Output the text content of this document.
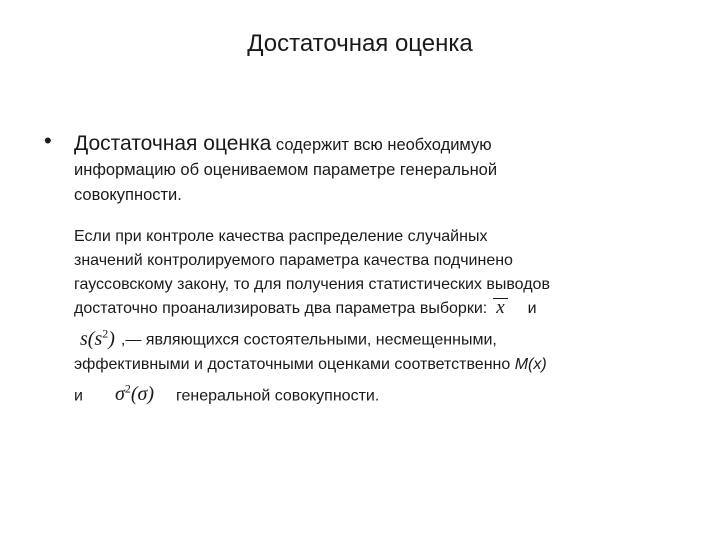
Достаточная оценка
• Достаточная оценка содержит всю необходимую
информацию об оцениваемом параметре генеральной
совокупности.
Если при контроле качества распределение случайных
значений контролируемого параметра качества подчинено
гауссовскому закону, то для получения статистических выводов
достаточно проанализировать два параметра выборки: x и
$s(s^2)$ ,— являющихся состоятельными, несмещенными,
эффективными и достаточными оценками соответственно M(x)
и $\sigma^2(\sigma)$ генеральной совокупности.
